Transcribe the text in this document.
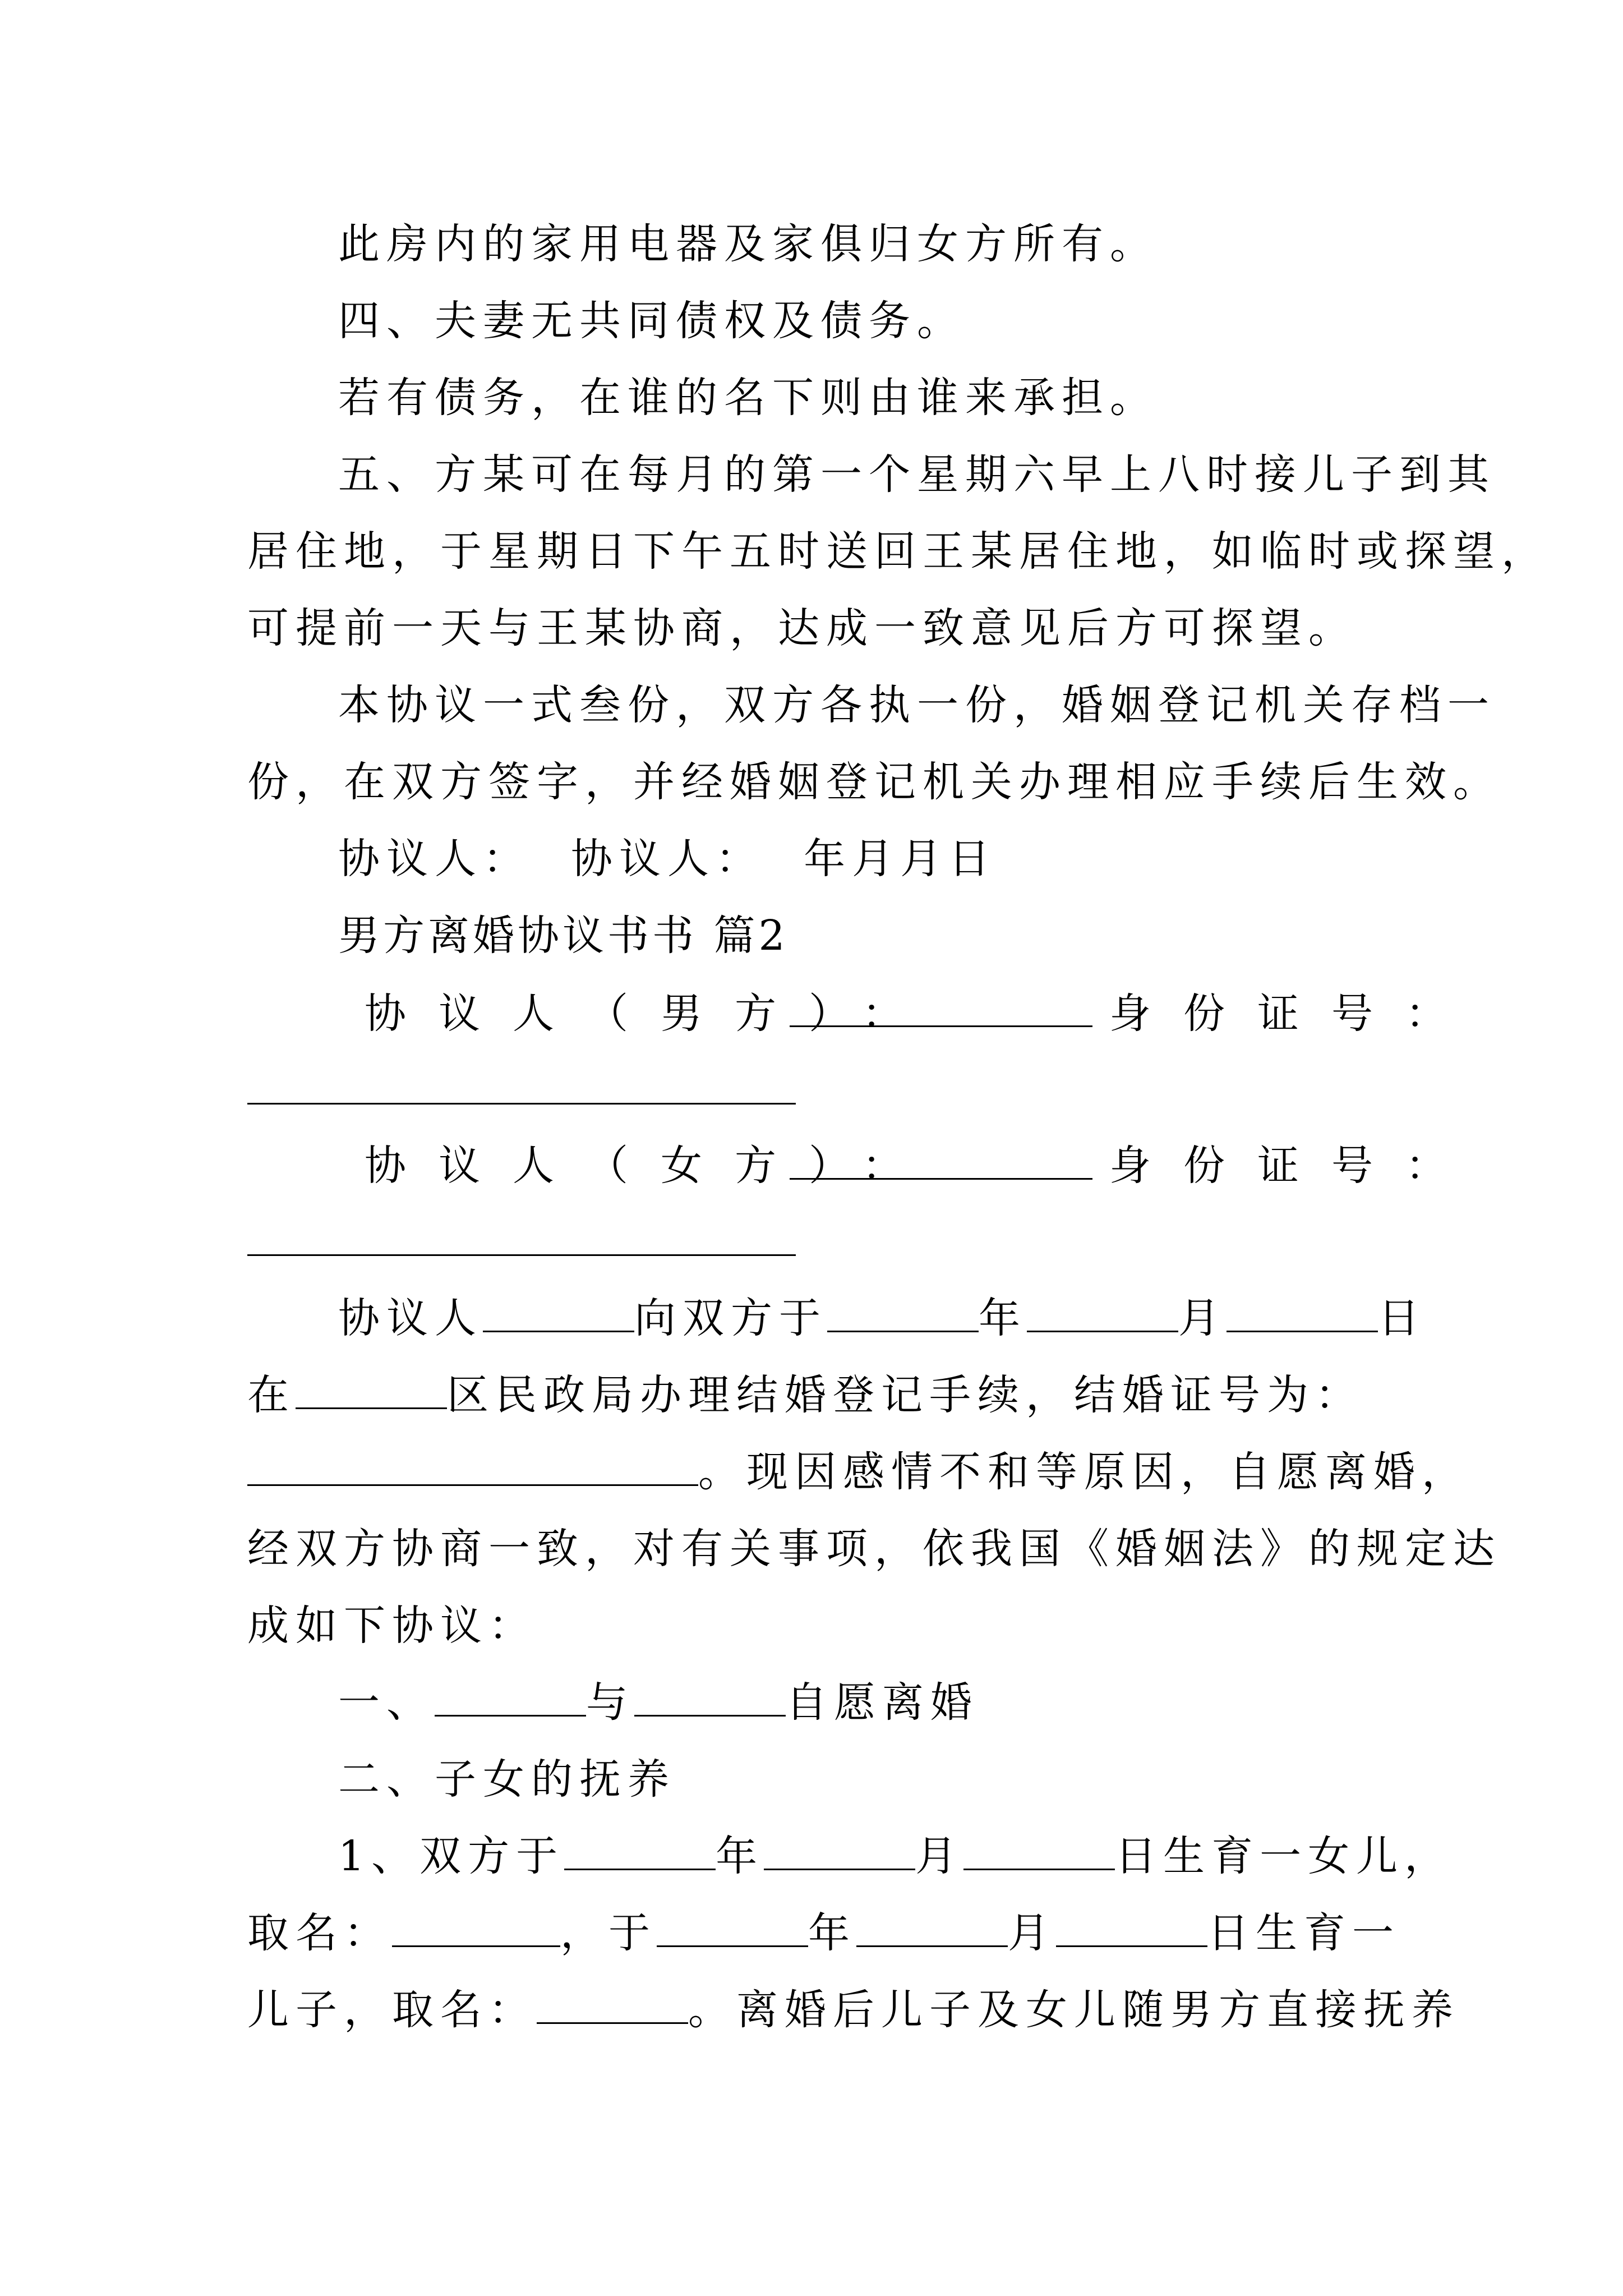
此房内的家用电器及家俱归女方所有。
四、夫妻无共同债权及债务。
若有债务，在谁的名下则由谁来承担。
五、方某可在每月的第一个星期六早上八时接儿子到其
居住地，于星期日下午五时送回王某居住地，如临时或探望，
可提前一天与王某协商，达成一致意见后方可探望。
本协议一式叁份，双方各执一份，婚姻登记机关存档一
份，在双方签字，并经婚姻登记机关办理相应手续后生效。
协议人：  协议人：  年月月日
男方离婚协议书书 篇2
协议人（男方）：	身份证号：
协议人（女方）：	身份证号：
协议人	向双方于	年	月	日
在	区民政局办理结婚登记手续，结婚证号为：
。现因感情不和等原因，自愿离婚，
经双方协商一致，对有关事项，依我国《婚姻法》的规定达
成如下协议：
一、	与	自愿离婚
二、子女的抚养
1、双方于	年	月	日生育一女儿，
取名：	，于	年	月	日生育一
儿子，取名：	。离婚后儿子及女儿随男方直接抚养
